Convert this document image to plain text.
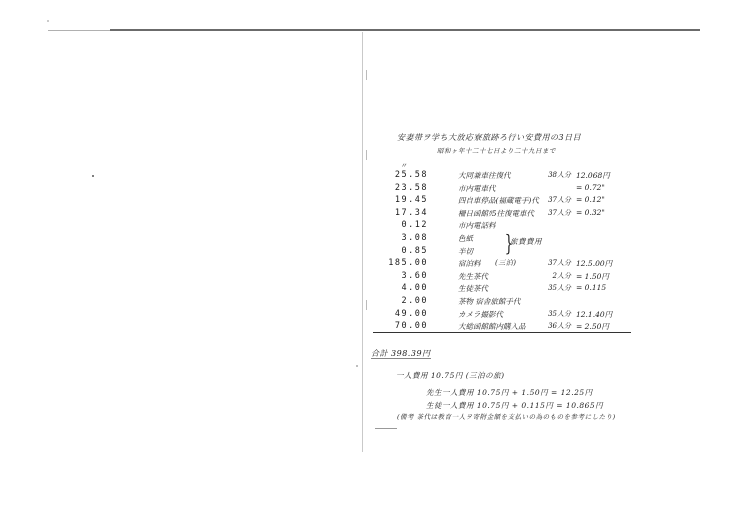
安妻帯ヲ学ち大放応寮旅跡ろ行い安費用の3日目
昭和ヶ年十二十七日より二十九日まで
〃
25.58	大同兼車往復代	38人分 12.068円
23.58	市内電車代	= 0.72"
19.45	四自車停品(福蔵電手)代	37人分 = 0.12"
17.34	柵日函館ﾘ5往復電車代	37人分 = 0.32"
0.12	市内電話料
3.08	色紙
0.85	半切
185.00	宿泊料	37人分 12.5.00円
3.60	先生茶代	2人分 = 1.50円
4.00	生徒茶代	35人分 = 0.115
2.00	茶物 宿舎旅館手代
49.00	カメラ撮影代	35人分 12.1.40円
70.00	大総函館館内購入品	36人分 = 2.50円
旅費費用
}
(三泊)
合計 398.39円
一人費用 10.75円 (三泊の旅)
先生一人費用 10.75円 + 1.50円 = 12.25円
生徒一人費用 10.75円 + 0.115円 = 10.865円
(備考 茶代は教育一人ヲ寄附金額を支払いの為のものを参考にしたり)
